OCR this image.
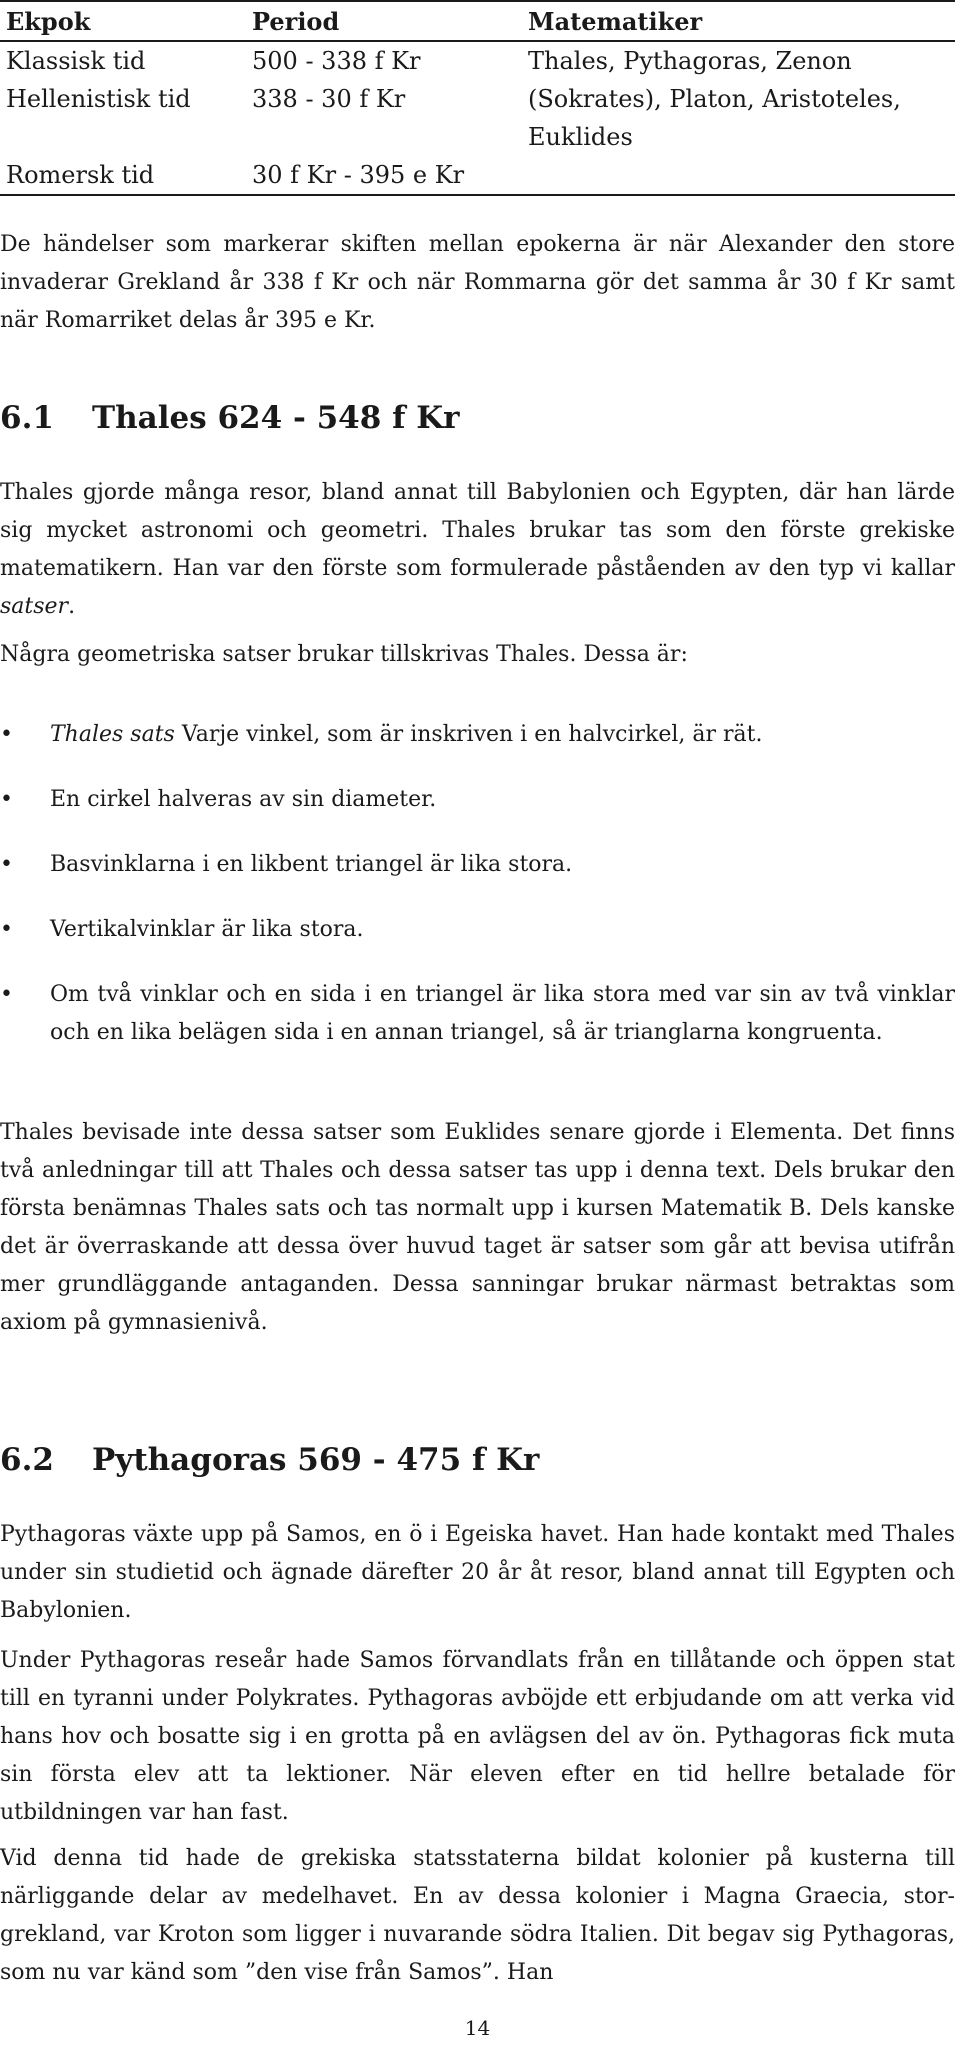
Ekpok	Period	Matematiker
Klassisk tid	500 - 338 f Kr	Thales, Pythagoras, Zenon
Hellenistisk tid	338 - 30 f Kr	(Sokrates), Platon, Aristoteles, Euklides
Romersk tid	30 f Kr - 395 e Kr	

De händelser som markerar skiften mellan epokerna är när Alexander den store invaderar Grekland år 338 f Kr och när Rommarna gör det samma år 30 f Kr samt när Romarriket delas år 395 e Kr.

6.1 Thales 624 - 548 f Kr

Thales gjorde många resor, bland annat till Babylonien och Egypten, där han lärde sig mycket astronomi och geometri. Thales brukar tas som den förste grekiske matematikern. Han var den förste som formulerade påståenden av den typ vi kallar satser.

Några geometriska satser brukar tillskrivas Thales. Dessa är:

• Thales sats Varje vinkel, som är inskriven i en halvcirkel, är rät.
• En cirkel halveras av sin diameter.
• Basvinklarna i en likbent triangel är lika stora.
• Vertikalvinklar är lika stora.
• Om två vinklar och en sida i en triangel är lika stora med var sin av två vinklar och en lika belägen sida i en annan triangel, så är trianglarna kongruenta.

Thales bevisade inte dessa satser som Euklides senare gjorde i Elementa. Det finns två anledningar till att Thales och dessa satser tas upp i denna text. Dels brukar den första benämnas Thales sats och tas normalt upp i kursen Matematik B. Dels kanske det är överraskande att dessa över huvud taget är satser som går att bevisa utifrån mer grundläggande antaganden. Dessa sanningar brukar närmast betraktas som axiom på gymnasienivå.

6.2 Pythagoras 569 - 475 f Kr

Pythagoras växte upp på Samos, en ö i Egeiska havet. Han hade kontakt med Thales under sin studietid och ägnade därefter 20 år åt resor, bland annat till Egypten och Babylonien.

Under Pythagoras reseår hade Samos förvandlats från en tillåtande och öppen stat till en tyranni under Polykrates. Pythagoras avböjde ett erbjudande om att verka vid hans hov och bosatte sig i en grotta på en avlägsen del av ön. Pythagoras fick muta sin första elev att ta lektioner. När eleven efter en tid hellre betalade för utbildningen var han fast.

Vid denna tid hade de grekiska statsstaterna bildat kolonier på kusterna till närliggande delar av medelhavet. En av dessa kolonier i Magna Graecia, stor-grekland, var Kroton som ligger i nuvarande södra Italien. Dit begav sig Pythagoras, som nu var känd som ”den vise från Samos”. Han

14
